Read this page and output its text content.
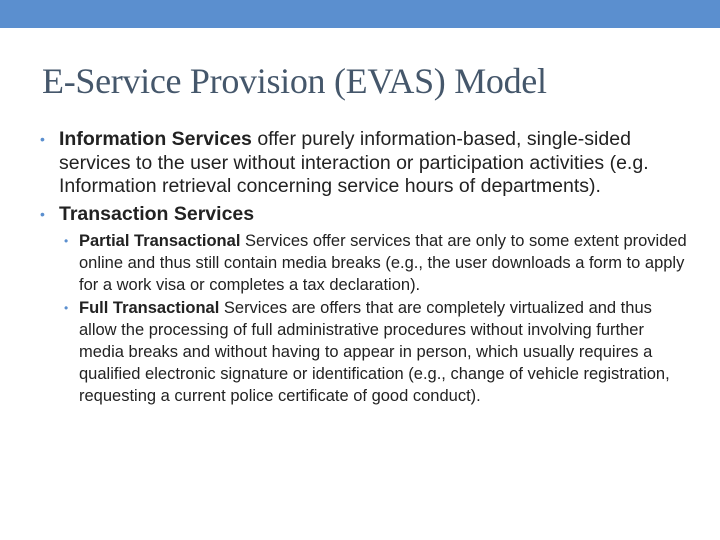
E-Service Provision (EVAS) Model
• Information Services offer purely information-based, single-sided services to the user without interaction or participation activities (e.g. Information retrieval concerning service hours of departments).
• Transaction Services
• Partial Transactional Services offer services that are only to some extent provided online and thus still contain media breaks (e.g., the user downloads a form to apply for a work visa or completes a tax declaration).
• Full Transactional Services are offers that are completely virtualized and thus allow the processing of full administrative procedures without involving further media breaks and without having to appear in person, which usually requires a qualified electronic signature or identification (e.g., change of vehicle registration, requesting a current police certificate of good conduct).
